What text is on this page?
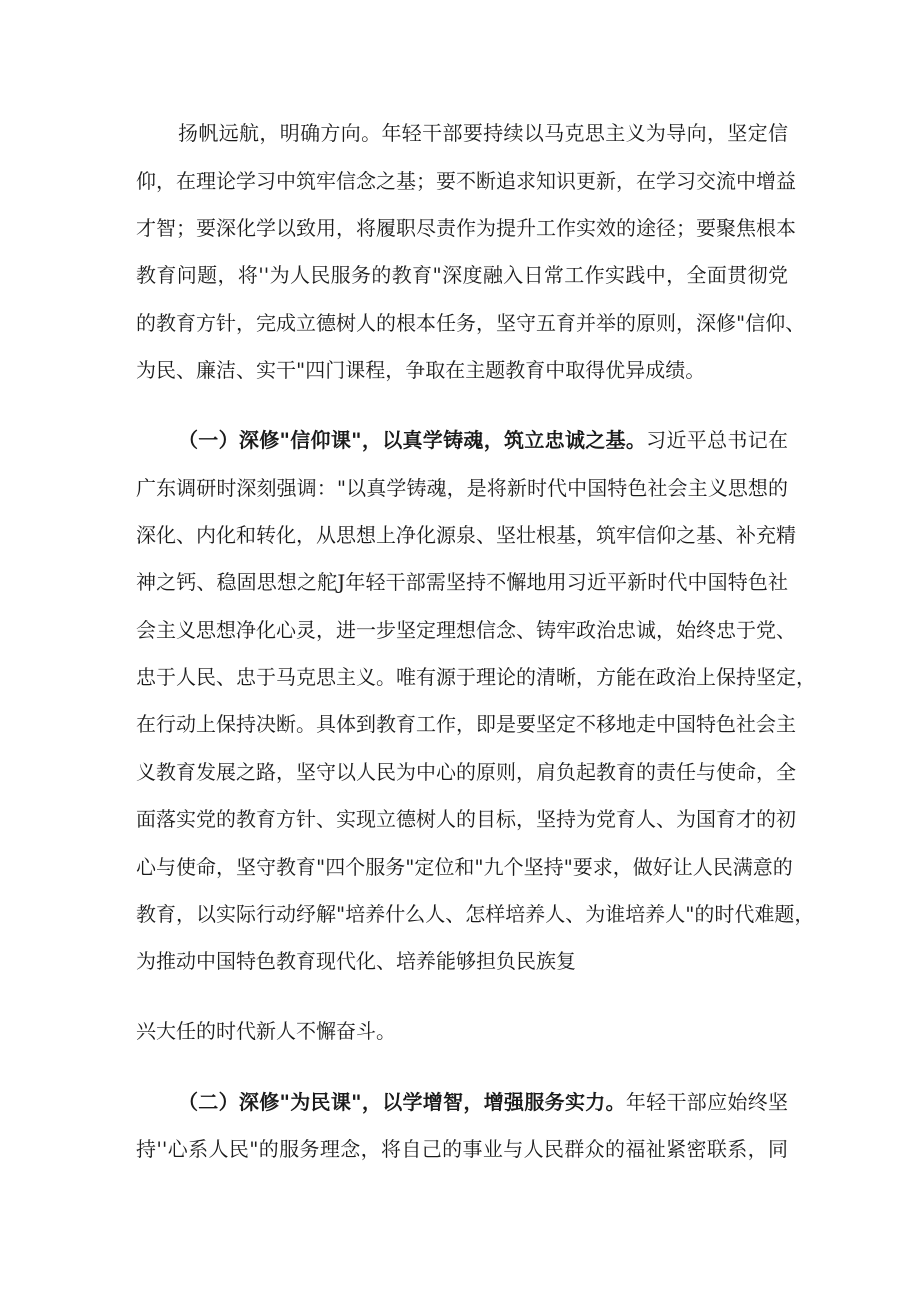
扬帆远航，明确方向。年轻干部要持续以马克思主义为导向，坚定信
仰，在理论学习中筑牢信念之基；要不断追求知识更新，在学习交流中增益
才智；要深化学以致用，将履职尽责作为提升工作实效的途径；要聚焦根本
教育问题，将''为人民服务的教育"深度融入日常工作实践中，全面贯彻党
的教育方针，完成立德树人的根本任务，坚守五育并举的原则，深修"信仰、
为民、廉洁、实干"四门课程，争取在主题教育中取得优异成绩。
（一）深修"信仰课"，以真学铸魂，筑立忠诚之基。习近平总书记在
广东调研时深刻强调："以真学铸魂，是将新时代中国特色社会主义思想的
深化、内化和转化，从思想上净化源泉、坚壮根基，筑牢信仰之基、补充精
神之钙、稳固思想之舵J年轻干部需坚持不懈地用习近平新时代中国特色社
会主义思想净化心灵，进一步坚定理想信念、铸牢政治忠诚，始终忠于党、
忠于人民、忠于马克思主义。唯有源于理论的清晰，方能在政治上保持坚定，
在行动上保持决断。具体到教育工作，即是要坚定不移地走中国特色社会主
义教育发展之路，坚守以人民为中心的原则，肩负起教育的责任与使命，全
面落实党的教育方针、实现立德树人的目标，坚持为党育人、为国育才的初
心与使命，坚守教育"四个服务"定位和"九个坚持"要求，做好让人民满意的
教育，以实际行动纾解"培养什么人、怎样培养人、为谁培养人"的时代难题，
为推动中国特色教育现代化、培养能够担负民族复
兴大任的时代新人不懈奋斗。
（二）深修"为民课"，以学增智，增强服务实力。年轻干部应始终坚
持''心系人民"的服务理念，将自己的事业与人民群众的福祉紧密联系，同
